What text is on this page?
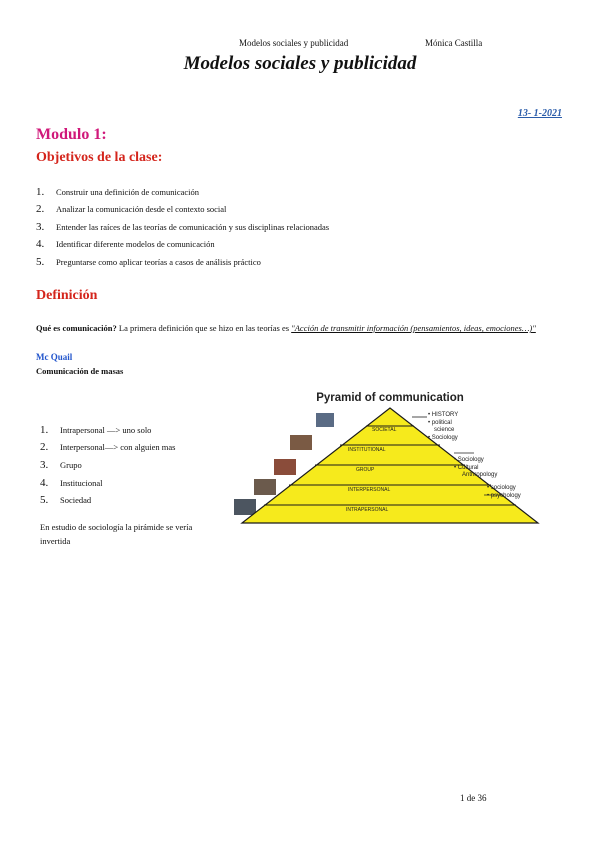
Modelos sociales y publicidad	Mónica Castilla
Modelos sociales y publicidad
13- 1-2021
Modulo 1:
Objetivos de la clase:
1.	Construir una definición de comunicación
2.	Analizar la comunicación desde el contexto social
3.	Entender las raíces de las teorías de comunicación y sus disciplinas relacionadas
4.	Identificar diferente modelos de comunicación
5.	Preguntarse como aplicar teorías a casos de análisis práctico
Definición
Qué es comunicación? La primera definición que se hizo en las teorías es "Acción de transmitir información (pensamientos, ideas, emociones…)"
Mc Quail
Comunicación de masas
1.	Intrapersonal —> uno solo
2.	Interpersonal—> con alguien mas
3.	Grupo
4.	Institucional
5.	Sociedad
En estudio de sociología la pirámide se vería invertida
Pyramid of communication
SOCIETAL
INSTITUTIONAL
GROUP
INTERPERSONAL
INTRAPERSONAL
• HISTORY
• political
science
• Sociology
• Sociology
• Cultural
Anthropology
• sociology
• psychology
1 de 36
